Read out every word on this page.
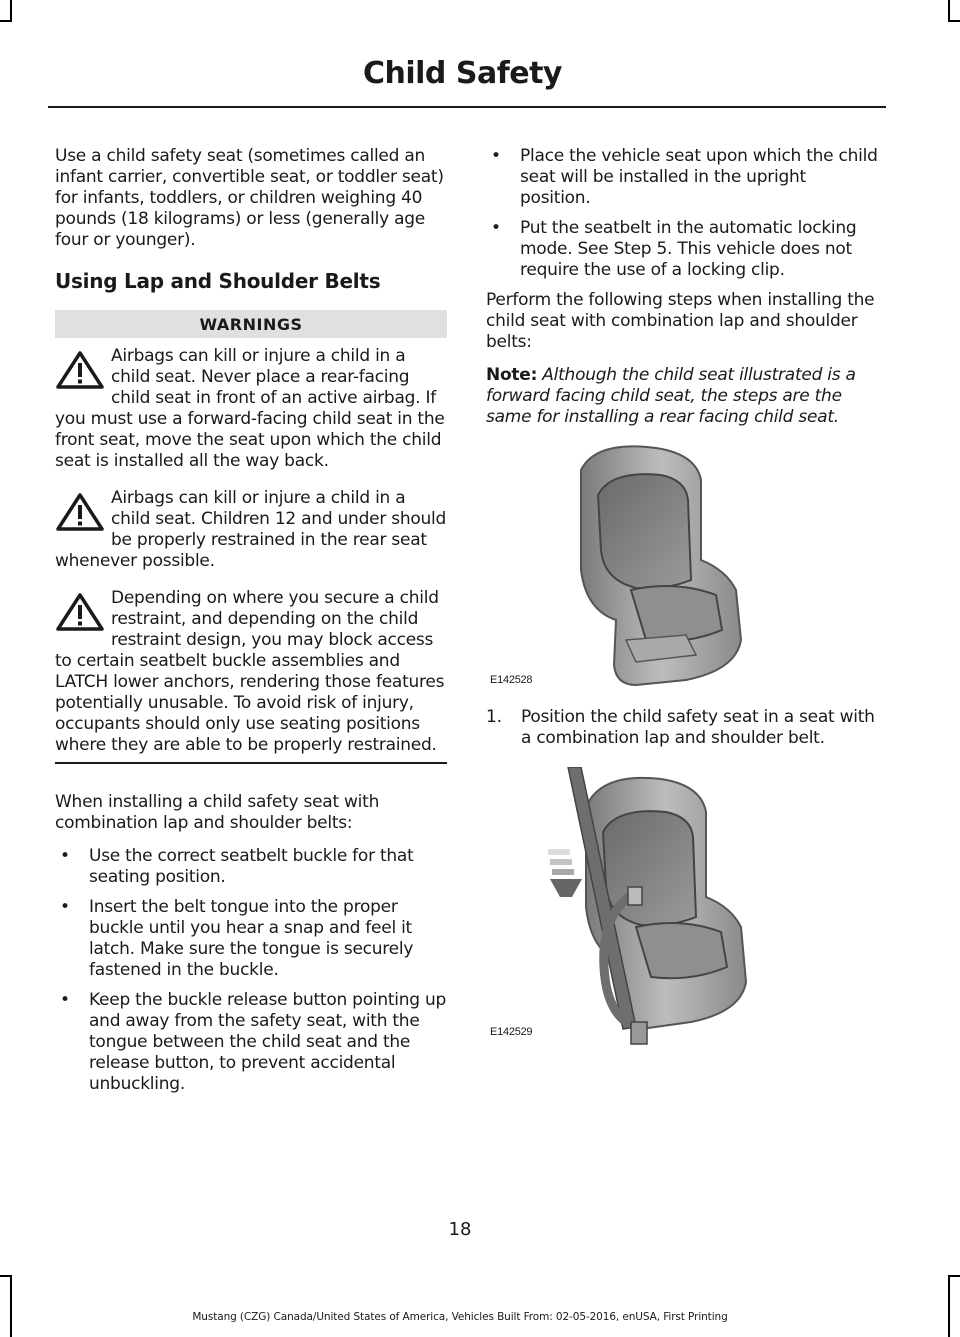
Child Safety

Use a child safety seat (sometimes called an infant carrier, convertible seat, or toddler seat) for infants, toddlers, or children weighing 40 pounds (18 kilograms) or less (generally age four or younger).

Using Lap and Shoulder Belts
WARNINGS
Airbags can kill or injure a child in a child seat. Never place a rear-facing child seat in front of an active airbag. If you must use a forward-facing child seat in the front seat, move the seat upon which the child seat is installed all the way back.
Airbags can kill or injure a child in a child seat. Children 12 and under should be properly restrained in the rear seat whenever possible.
Depending on where you secure a child restraint, and depending on the child restraint design, you may block access to certain seatbelt buckle assemblies and LATCH lower anchors, rendering those features potentially unusable. To avoid risk of injury, occupants should only use seating positions where they are able to be properly restrained.

When installing a child safety seat with combination lap and shoulder belts:

• Use the correct seatbelt buckle for that seating position.
• Insert the belt tongue into the proper buckle until you hear a snap and feel it latch. Make sure the tongue is securely fastened in the buckle.
• Keep the buckle release button pointing up and away from the safety seat, with the tongue between the child seat and the release button, to prevent accidental unbuckling.
• Place the vehicle seat upon which the child seat will be installed in the upright position.
• Put the seatbelt in the automatic locking mode. See Step 5. This vehicle does not require the use of a locking clip.

Perform the following steps when installing the child seat with combination lap and shoulder belts:

Note: Although the child seat illustrated is a forward facing child seat, the steps are the same for installing a rear facing child seat.

E142528
1. Position the child safety seat in a seat with a combination lap and shoulder belt.
E142529
18
Mustang (CZG) Canada/United States of America, Vehicles Built From: 02-05-2016, enUSA, First Printing
